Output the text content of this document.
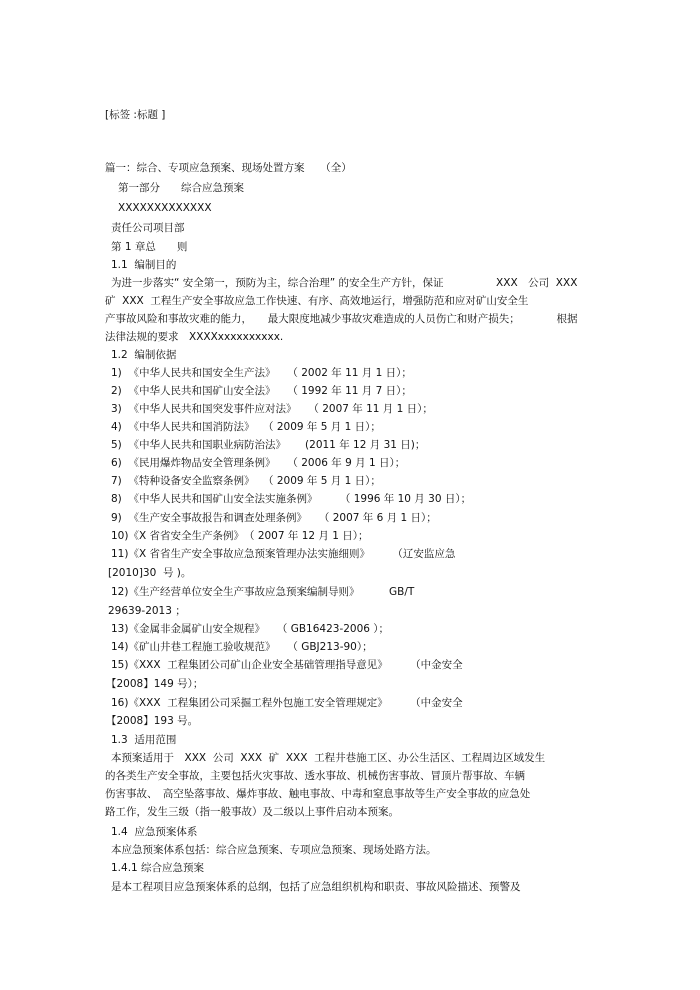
[标签 :标题 ]
篇一：综合、专项应急预案、现场处置方案　　（全）
第一部分　　综合应急预案
XXXXXXXXXXXXX
责任公司项目部
第 1 章总　　则
1.1  编制目的
为进一步落实“ 安全第一，预防为主，综合治理” 的安全生产方针，保证　　　　　XXX　公司  XXX
矿  XXX  工程生产安全事故应急工作快速、有序、高效地运行，增强防范和应对矿山安全生
产事故风险和事故灾难的能力，　　最大限度地减少事故灾难造成的人员伤亡和财产损失；　　　　根据
法律法规的要求　XXXXxxxxxxxxxx.
1.2  编制依据
1)  《中华人民共和国安全生产法》　  （ 2002 年 11 月 1 日）；
2)  《中华人民共和国矿山安全法》　  （ 1992 年 11 月 7 日）；
3)  《中华人民共和国突发事件应对法》　  （ 2007 年 11 月 1 日）；
4)  《中华人民共和国消防法》　 （ 2009 年 5 月 1 日）；
5)  《中华人民共和国职业病防治法》　　 (2011 年 12 月 31 日)；
6)  《民用爆炸物品安全管理条例》　  （ 2006 年 9 月 1 日）；
7)  《特种设备安全监察条例》　 （ 2009 年 5 月 1 日）；
8)  《中华人民共和国矿山安全法实施条例》　　  （ 1996 年 10 月 30 日）；
9)  《生产安全事故报告和调查处理条例》　  （ 2007 年 6 月 1 日）；
10)《X 省省安全生产条例》　（ 2007 年 12 月 1 日）；
11)《X 省省生产安全事故应急预案管理办法实施细则》　　  （辽安监应急
[2010]30  号 )。
12)《生产经营单位安全生产事故应急预案编制导则》　　　 GB/T
29639-2013 ；
13)《金属非金属矿山安全规程》　  （ GB16423-2006 ）；
14)《矿山井巷工程施工验收规范》　  （ GBJ213-90）；
15)《XXX  工程集团公司矿山企业安全基础管理指导意见》　　  （中金安全
【2008】149 号）；
16)《XXX  工程集团公司采掘工程外包施工安全管理规定》　　  （中金安全
【2008】193 号。
1.3  适用范围
本预案适用于　XXX  公司  XXX  矿  XXX  工程井巷施工区、办公生活区、工程周边区域发生
的各类生产安全事故，主要包括火灾事故、透水事故、机械伤害事故、冒顶片帮事故、车辆
伤害事故、　高空坠落事故、爆炸事故、触电事故、中毒和窒息事故等生产安全事故的应急处
路工作，发生三级（指一般事故）及二级以上事件启动本预案。
1.4  应急预案体系
本应急预案体系包括：综合应急预案、专项应急预案、现场处路方法。
1.4.1 综合应急预案
是本工程项目应急预案体系的总纲，包括了应急组织机构和职责、事故风险描述、预警及
